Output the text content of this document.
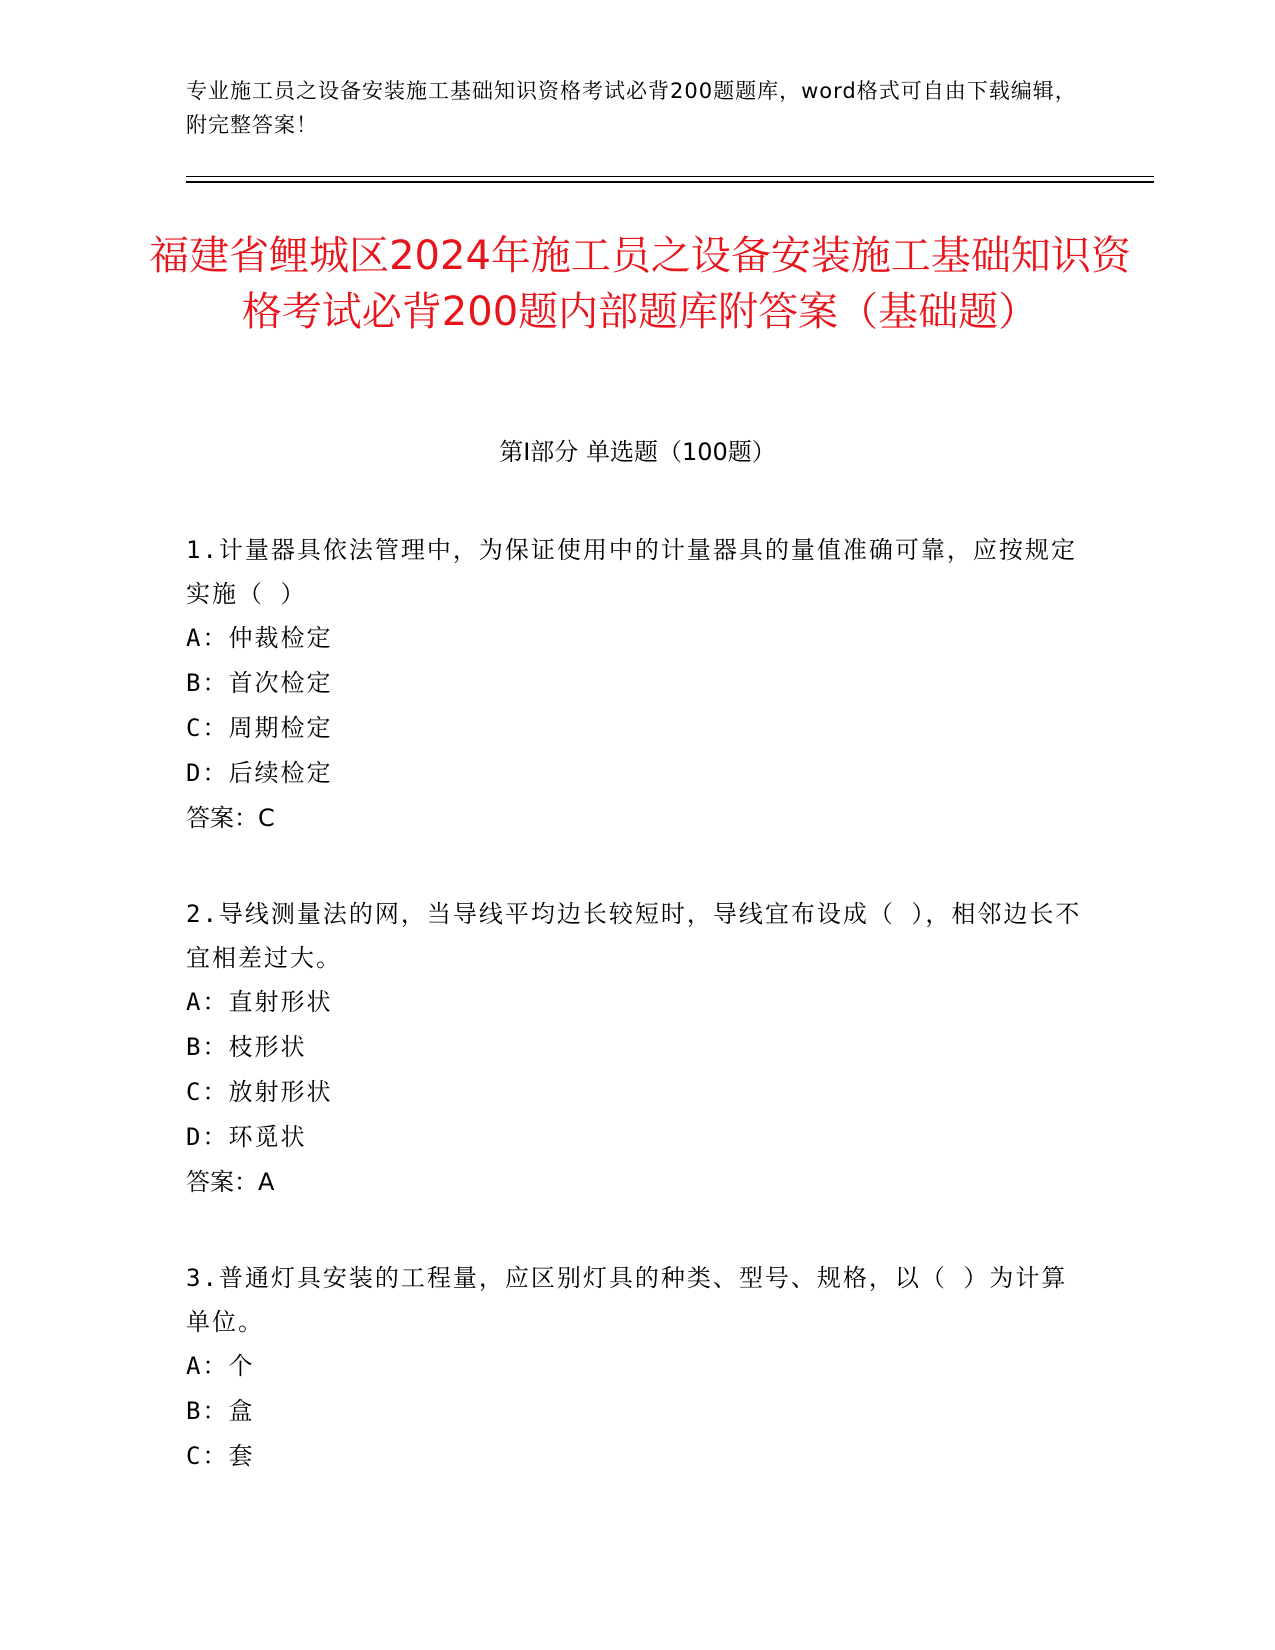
专业施工员之设备安装施工基础知识资格考试必背200题题库，word格式可自由下载编辑，附完整答案！
福建省鲤城区2024年施工员之设备安装施工基础知识资格考试必背200题内部题库附答案（基础题）
第Ⅰ部分 单选题（100题）

1.计量器具依法管理中，为保证使用中的计量器具的量值准确可靠，应按规定实施（ ）

A：仲裁检定

B：首次检定

C：周期检定

D：后续检定

答案：C

2.导线测量法的网，当导线平均边长较短时，导线宜布设成（ ），相邻边长不宜相差过大。

A：直射形状

B：枝形状

C：放射形状

D：环觅状

答案：A

3.普通灯具安装的工程量，应区别灯具的种类、型号、规格，以（ ）为计算单位。

A：个

B：盒

C：套
